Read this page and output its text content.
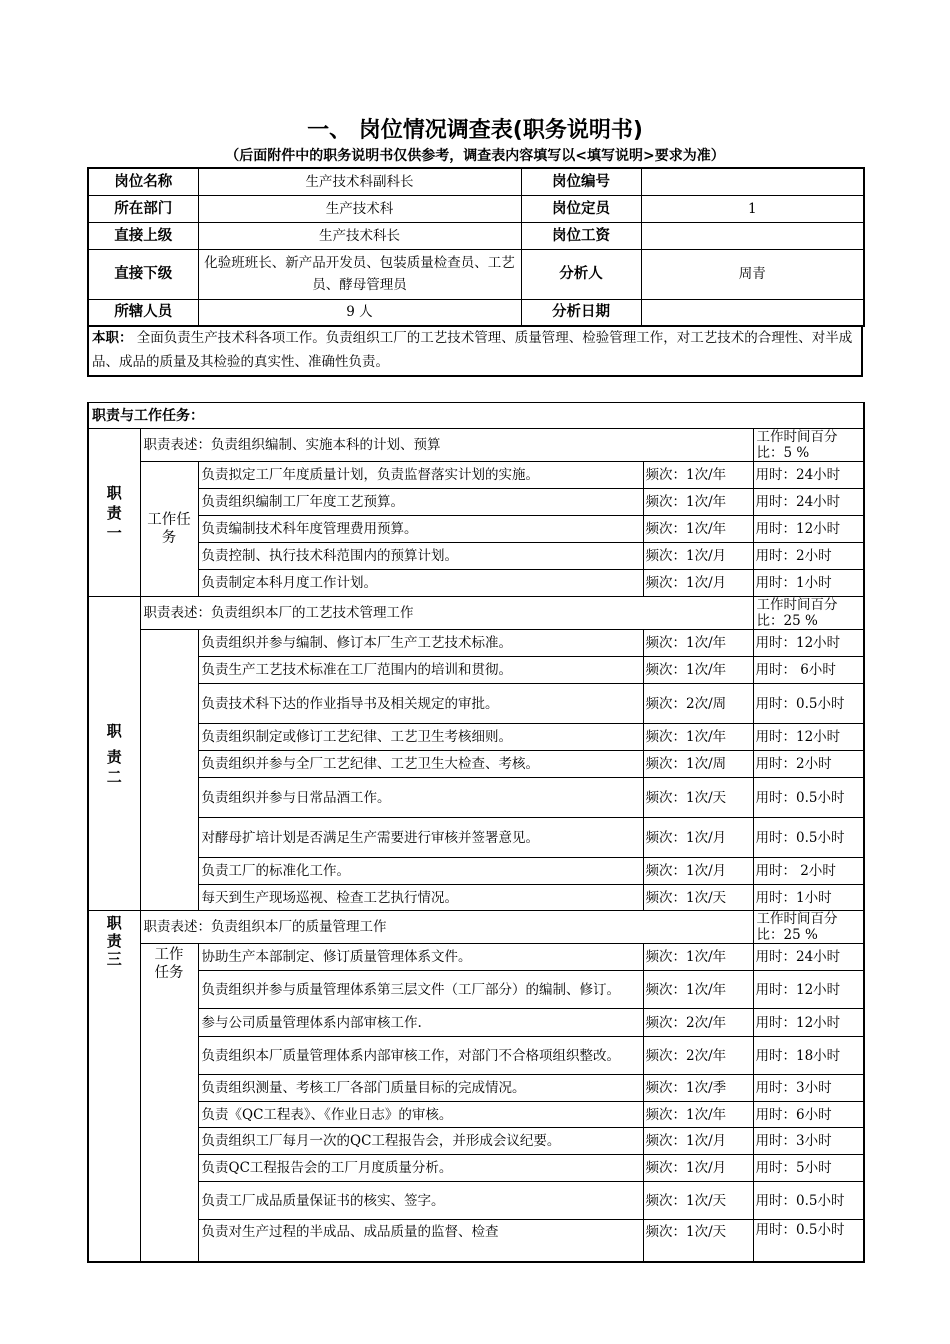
一、 岗位情况调查表(职务说明书)
（后面附件中的职务说明书仅供参考，调查表内容填写以<填写说明>要求为准）
岗位名称	生产技术科副科长	岗位编号	
所在部门	生产技术科	岗位定员	1
直接上级	生产技术科长	岗位工资	
直接下级	化验班班长、新产品开发员、包装质量检查员、工艺员、酵母管理员	分析人	周青
所辖人员	9 人	分析日期	
本职： 全面负责生产技术科各项工作。负责组织工厂的工艺技术管理、质量管理、检验管理工作，对工艺技术的合理性、对半成品、成品的质量及其检验的真实性、准确性负责。
职责与工作任务：				

职
责
一	职责表述：负责组织编制、实施本科的计划、预算			工作时间百分比：5 %
	工作任务	负责拟定工厂年度质量计划，负责监督落实计划的实施。	频次：1次/年	用时：24小时
		负责组织编制工厂年度工艺预算。	频次：1次/年	用时：24小时
		负责编制技术科年度管理费用预算。	频次：1次/年	用时：12小时
		负责控制、执行技术科范围内的预算计划。	频次：1次/月	用时：2小时
		负责制定本科月度工作计划。	频次：1次/月	用时：1小时

职
责
二	职责表述：负责组织本厂的工艺技术管理工作			工作时间百分比：25 %
		负责组织并参与编制、修订本厂生产工艺技术标准。	频次：1次/年	用时：12小时
		负责生产工艺技术标准在工厂范围内的培训和贯彻。	频次：1次/年	用时： 6小时
		负责技术科下达的作业指导书及相关规定的审批。	频次：2次/周	用时：0.5小时
		负责组织制定或修订工艺纪律、工艺卫生考核细则。	频次：1次/年	用时：12小时
		负责组织并参与全厂工艺纪律、工艺卫生大检查、考核。	频次：1次/周	用时：2小时
		负责组织并参与日常品酒工作。	频次：1次/天	用时：0.5小时
		对酵母扩培计划是否满足生产需要进行审核并签署意见。	频次：1次/月	用时：0.5小时
		负责工厂的标准化工作。	频次：1次/月	用时： 2小时
		每天到生产现场巡视、检查工艺执行情况。	频次：1次/天	用时：1小时

职
责
三	职责表述：负责组织本厂的质量管理工作			工作时间百分比：25 %

	工作任务	协助生产本部制定、修订质量管理体系文件。	频次：1次/年	用时：24小时
		负责组织并参与质量管理体系第三层文件（工厂部分）的编制、修订。	频次：1次/年	用时：12小时
		参与公司质量管理体系内部审核工作.	频次：2次/年	用时：12小时
		负责组织本厂质量管理体系内部审核工作，对部门不合格项组织整改。	频次：2次/年	用时：18小时
		负责组织测量、考核工厂各部门质量目标的完成情况。	频次：1次/季	用时：3小时
		负责《QC工程表》、《作业日志》的审核。	频次：1次/年	用时：6小时
		负责组织工厂每月一次的QC工程报告会，并形成会议纪要。	频次：1次/月	用时：3小时
		负责QC工程报告会的工厂月度质量分析。	频次：1次/月	用时：5小时
		负责工厂成品质量保证书的核实、签字。	频次：1次/天	用时：0.5小时
		负责对生产过程的半成品、成品质量的监督、检查	频次：1次/天	用时：0.5小时
